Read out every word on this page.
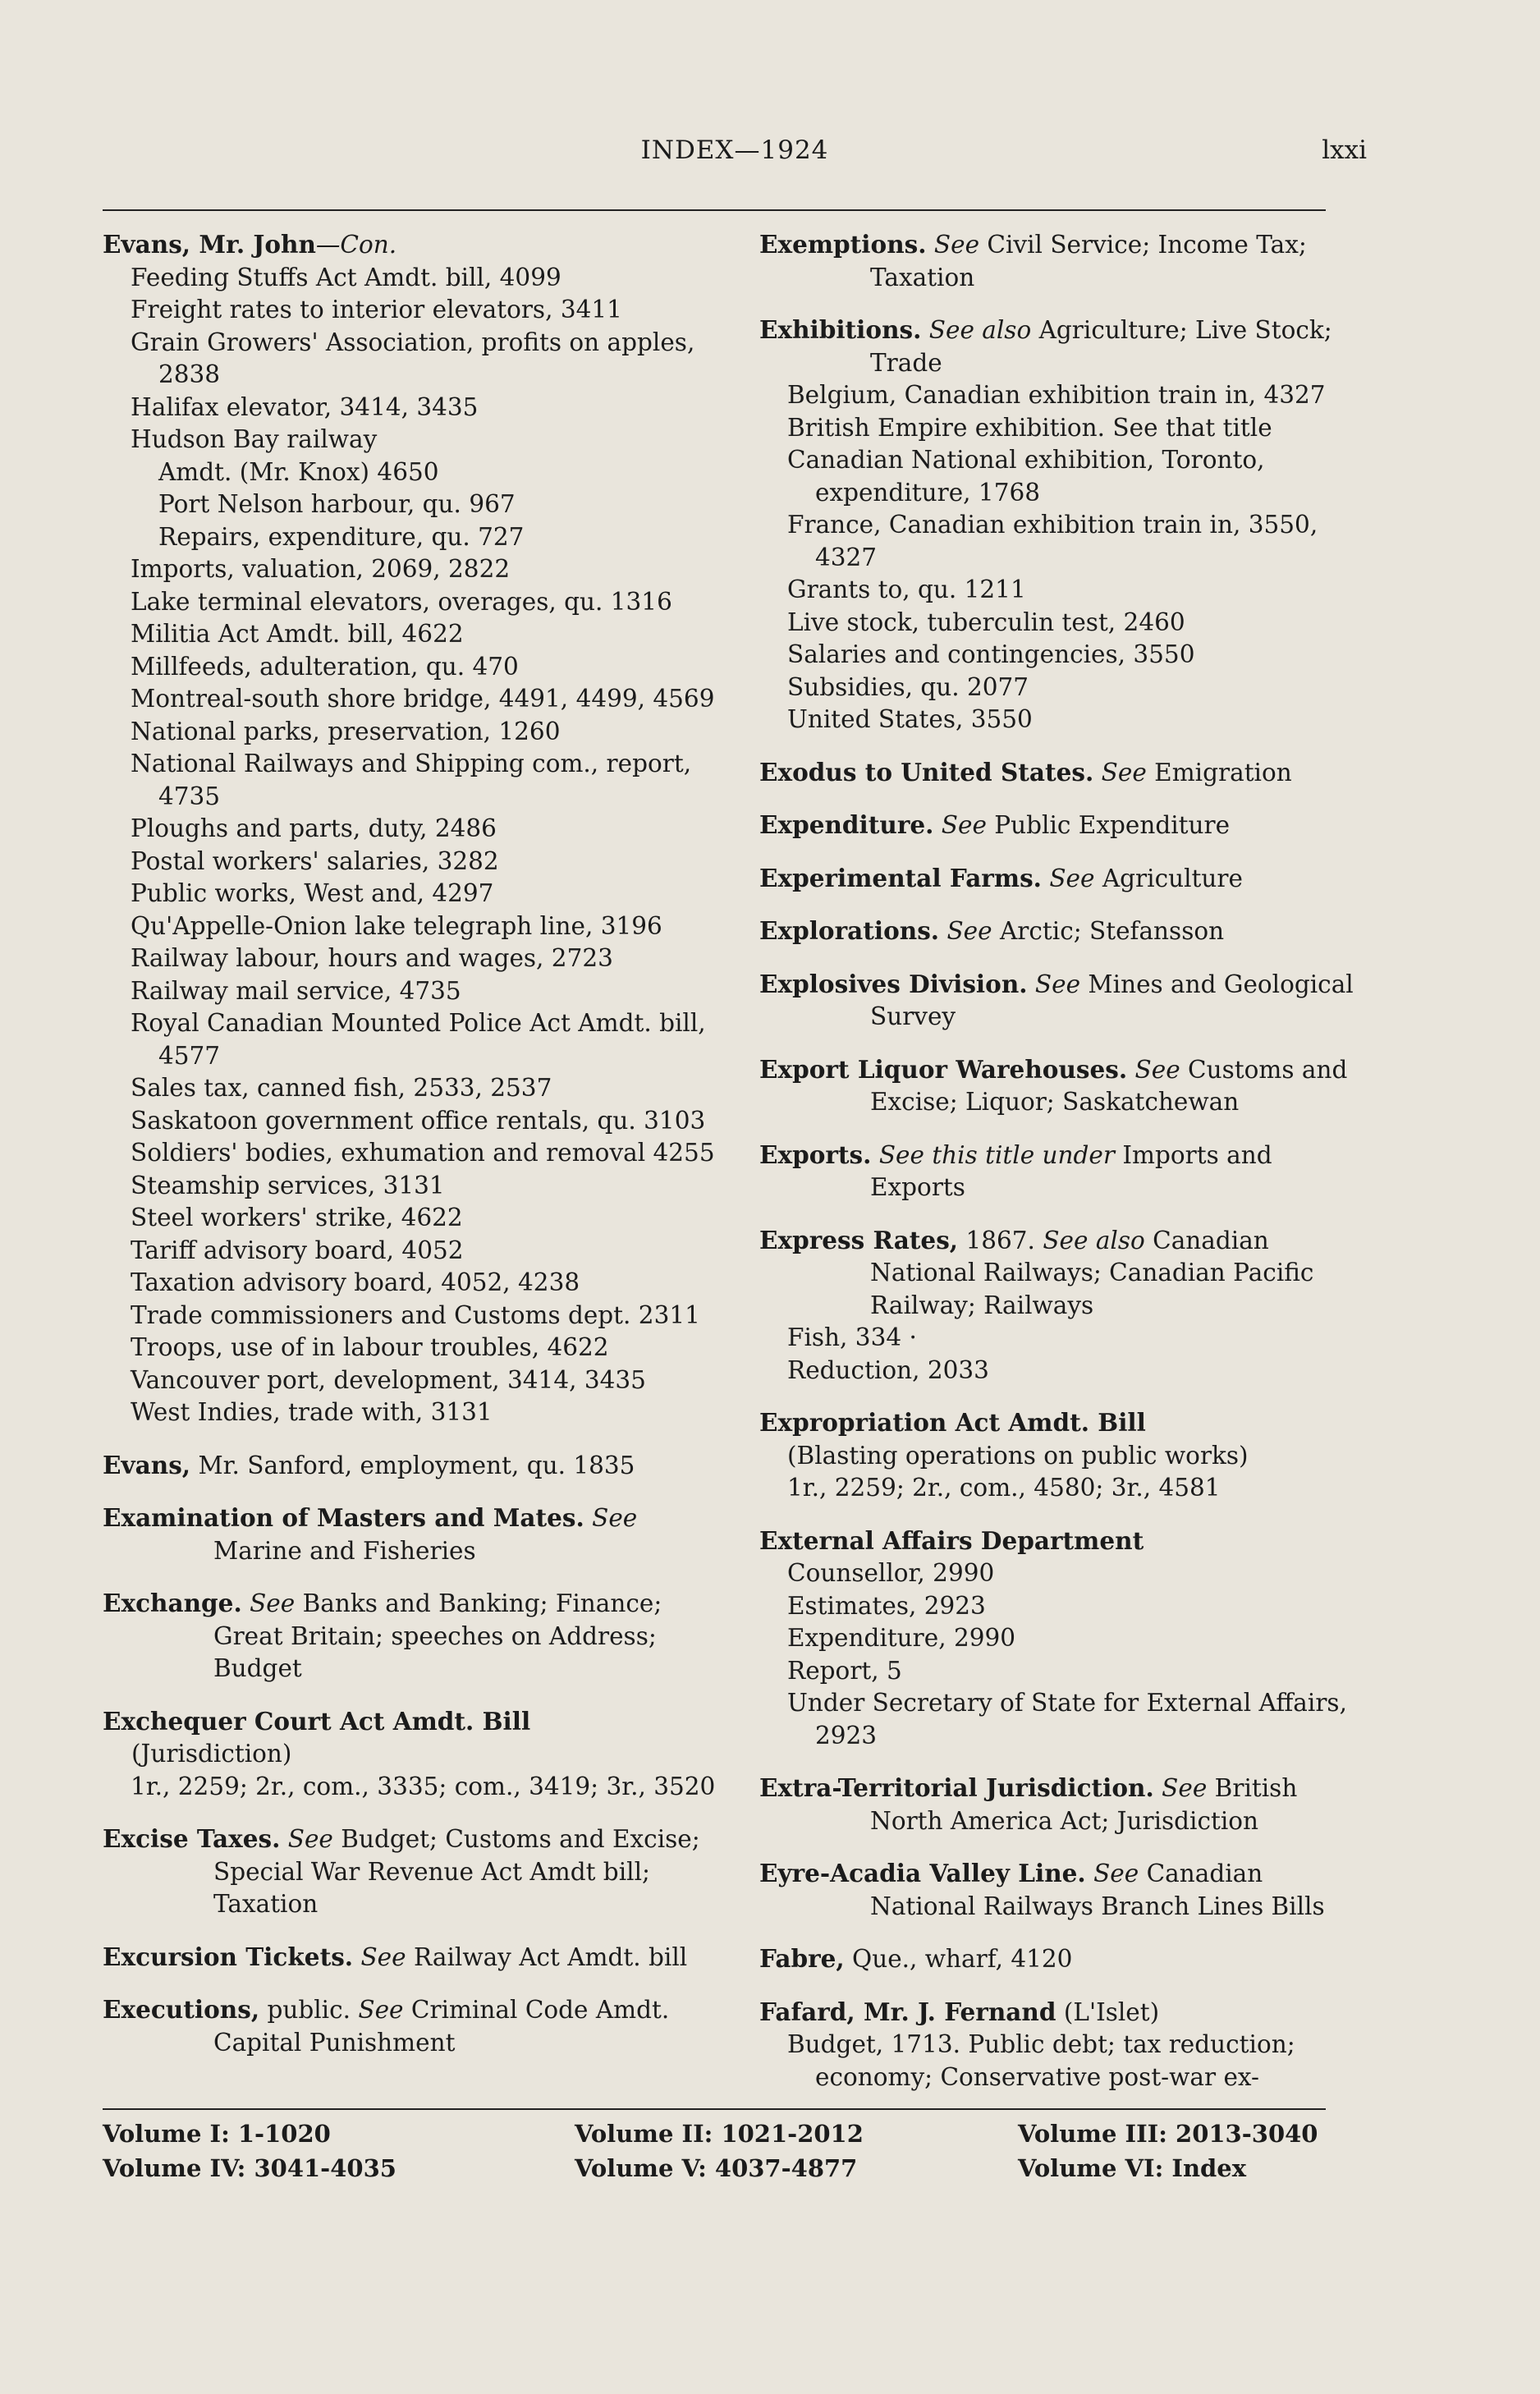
INDEX—1924	lxxi
Evans, Mr. John—Con.
Feeding Stuffs Act Amdt. bill, 4099
Freight rates to interior elevators, 3411
Grain Growers' Association, profits on apples, 2838
Halifax elevator, 3414, 3435
Hudson Bay railway
Amdt. (Mr. Knox) 4650
Port Nelson harbour, qu. 967
Repairs, expenditure, qu. 727
Imports, valuation, 2069, 2822
Lake terminal elevators, overages, qu. 1316
Militia Act Amdt. bill, 4622
Millfeeds, adulteration, qu. 470
Montreal-south shore bridge, 4491, 4499, 4569
National parks, preservation, 1260
National Railways and Shipping com., report, 4735
Ploughs and parts, duty, 2486
Postal workers' salaries, 3282
Public works, West and, 4297
Qu'Appelle-Onion lake telegraph line, 3196
Railway labour, hours and wages, 2723
Railway mail service, 4735
Royal Canadian Mounted Police Act Amdt. bill, 4577
Sales tax, canned fish, 2533, 2537
Saskatoon government office rentals, qu. 3103
Soldiers' bodies, exhumation and removal 4255
Steamship services, 3131
Steel workers' strike, 4622
Tariff advisory board, 4052
Taxation advisory board, 4052, 4238
Trade commissioners and Customs dept. 2311
Troops, use of in labour troubles, 4622
Vancouver port, development, 3414, 3435
West Indies, trade with, 3131
Evans, Mr. Sanford, employment, qu. 1835
Examination of Masters and Mates. See Marine and Fisheries
Exchange. See Banks and Banking; Finance; Great Britain; speeches on Address; Budget
Exchequer Court Act Amdt. Bill
(Jurisdiction)
1r., 2259; 2r., com., 3335; com., 3419; 3r., 3520
Excise Taxes. See Budget; Customs and Excise; Special War Revenue Act Amdt bill; Taxation
Excursion Tickets. See Railway Act Amdt. bill
Executions, public. See Criminal Code Amdt. Capital Punishment
Exemptions. See Civil Service; Income Tax; Taxation
Exhibitions. See also Agriculture; Live Stock; Trade
Belgium, Canadian exhibition train in, 4327
British Empire exhibition. See that title
Canadian National exhibition, Toronto, expenditure, 1768
France, Canadian exhibition train in, 3550, 4327
Grants to, qu. 1211
Live stock, tuberculin test, 2460
Salaries and contingencies, 3550
Subsidies, qu. 2077
United States, 3550
Exodus to United States. See Emigration
Expenditure. See Public Expenditure
Experimental Farms. See Agriculture
Explorations. See Arctic; Stefansson
Explosives Division. See Mines and Geological Survey
Export Liquor Warehouses. See Customs and Excise; Liquor; Saskatchewan
Exports. See this title under Imports and Exports
Express Rates, 1867. See also Canadian National Railways; Canadian Pacific Railway; Railways
Fish, 334 ·
Reduction, 2033
Expropriation Act Amdt. Bill
(Blasting operations on public works)
1r., 2259; 2r., com., 4580; 3r., 4581
External Affairs Department
Counsellor, 2990
Estimates, 2923
Expenditure, 2990
Report, 5
Under Secretary of State for External Affairs, 2923
Extra-Territorial Jurisdiction. See British North America Act; Jurisdiction
Eyre-Acadia Valley Line. See Canadian National Railways Branch Lines Bills
Fabre, Que., wharf, 4120
Fafard, Mr. J. Fernand (L'Islet)
Budget, 1713. Public debt; tax reduction; economy; Conservative post-war ex-
Volume I: 1-1020
Volume IV: 3041-4035
Volume II: 1021-2012
Volume V: 4037-4877
Volume III: 2013-3040
Volume VI: Index
